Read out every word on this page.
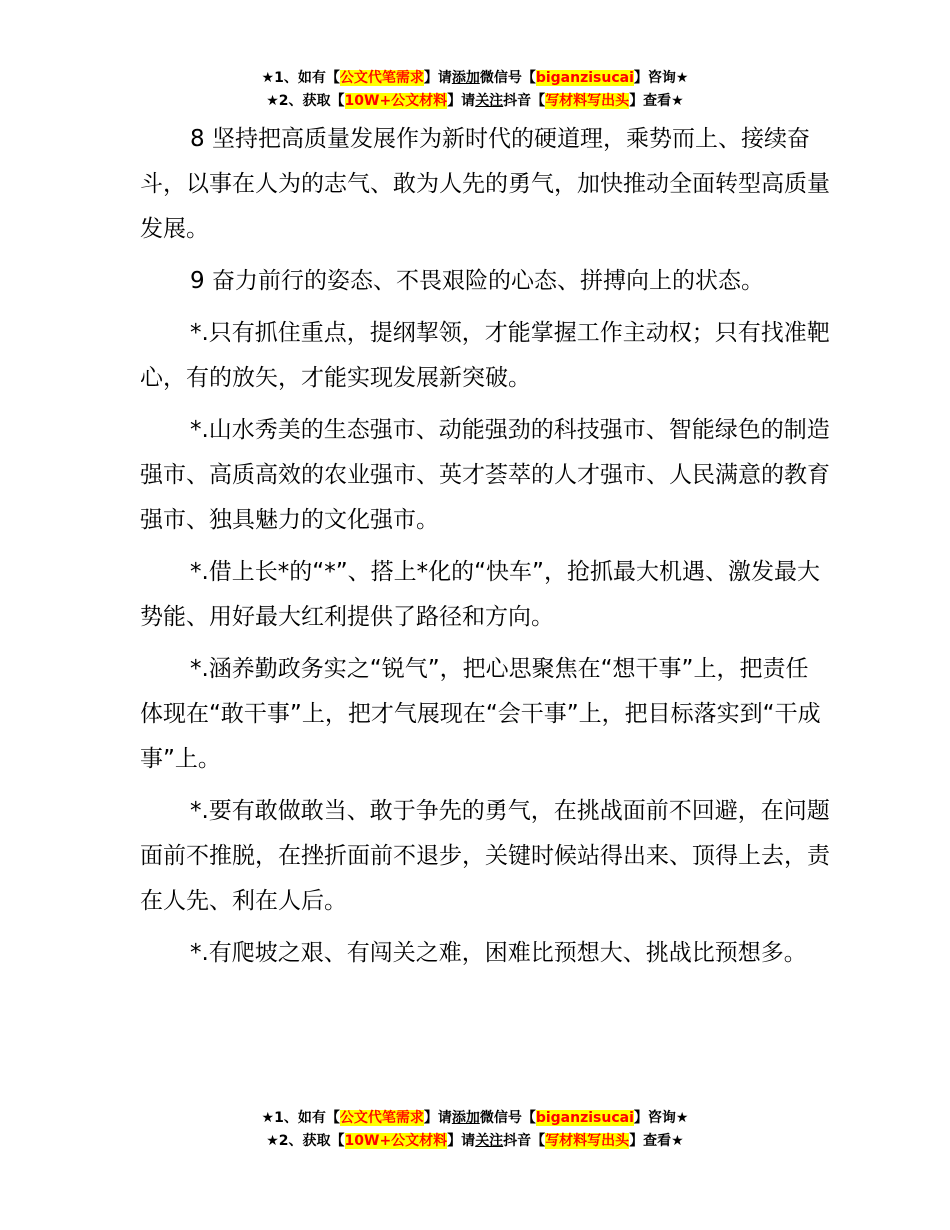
★1、如有【公文代笔需求】请添加微信号【biganzisucai】咨询★
★2、获取【10W+公文材料】请关注抖音【写材料写出头】查看★

8 坚持把高质量发展作为新时代的硬道理，乘势而上、接续奋斗，以事在人为的志气、敢为人先的勇气，加快推动全面转型高质量发展。

9 奋力前行的姿态、不畏艰险的心态、拼搏向上的状态。

*.只有抓住重点，提纲挈领，才能掌握工作主动权；只有找准靶心，有的放矢，才能实现发展新突破。

*.山水秀美的生态强市、动能强劲的科技强市、智能绿色的制造强市、高质高效的农业强市、英才荟萃的人才强市、人民满意的教育强市、独具魅力的文化强市。

*.借上长*的“*”、搭上*化的“快车”，抢抓最大机遇、激发最大势能、用好最大红利提供了路径和方向。

*.涵养勤政务实之“锐气”，把心思聚焦在“想干事”上，把责任体现在“敢干事”上，把才气展现在“会干事”上，把目标落实到“干成事”上。

*.要有敢做敢当、敢于争先的勇气，在挑战面前不回避，在问题面前不推脱，在挫折面前不退步，关键时候站得出来、顶得上去，责在人先、利在人后。

*.有爬坡之艰、有闯关之难，困难比预想大、挑战比预想多。

★1、如有【公文代笔需求】请添加微信号【biganzisucai】咨询★
★2、获取【10W+公文材料】请关注抖音【写材料写出头】查看★
